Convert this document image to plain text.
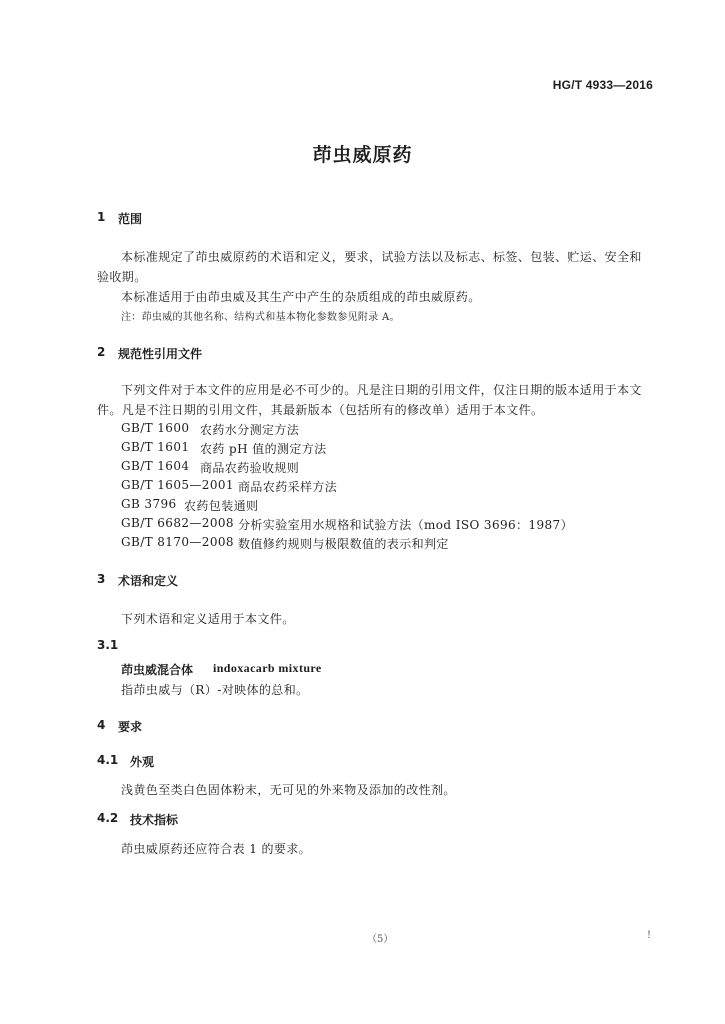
HG/T 4933—2016
茚虫威原药
1 范围
本标准规定了茚虫威原药的术语和定义，要求，试验方法以及标志、标签、包装、贮运、安全和
验收期。
本标准适用于由茚虫威及其生产中产生的杂质组成的茚虫威原药。
注：茚虫威的其他名称、结构式和基本物化参数参见附录 A。
2 规范性引用文件
下列文件对于本文件的应用是必不可少的。凡是注日期的引用文件，仅注日期的版本适用于本文
件。凡是不注日期的引用文件，其最新版本（包括所有的修改单）适用于本文件。
GB/T 1600 农药水分测定方法
GB/T 1601 农药 pH 值的测定方法
GB/T 1604 商品农药验收规则
GB/T 1605—2001 商品农药采样方法
GB 3796 农药包装通则
GB/T 6682—2008 分析实验室用水规格和试验方法（mod ISO 3696：1987）
GB/T 8170—2008 数值修约规则与极限数值的表示和判定
3 术语和定义
下列术语和定义适用于本文件。
3.1
茚虫威混合体 indoxacarb mixture
指茚虫威与（R）-对映体的总和。
4 要求
4.1 外观
浅黄色至类白色固体粉末，无可见的外来物及添加的改性剂。
4.2 技术指标
茚虫威原药还应符合表 1 的要求。
（5）	!
